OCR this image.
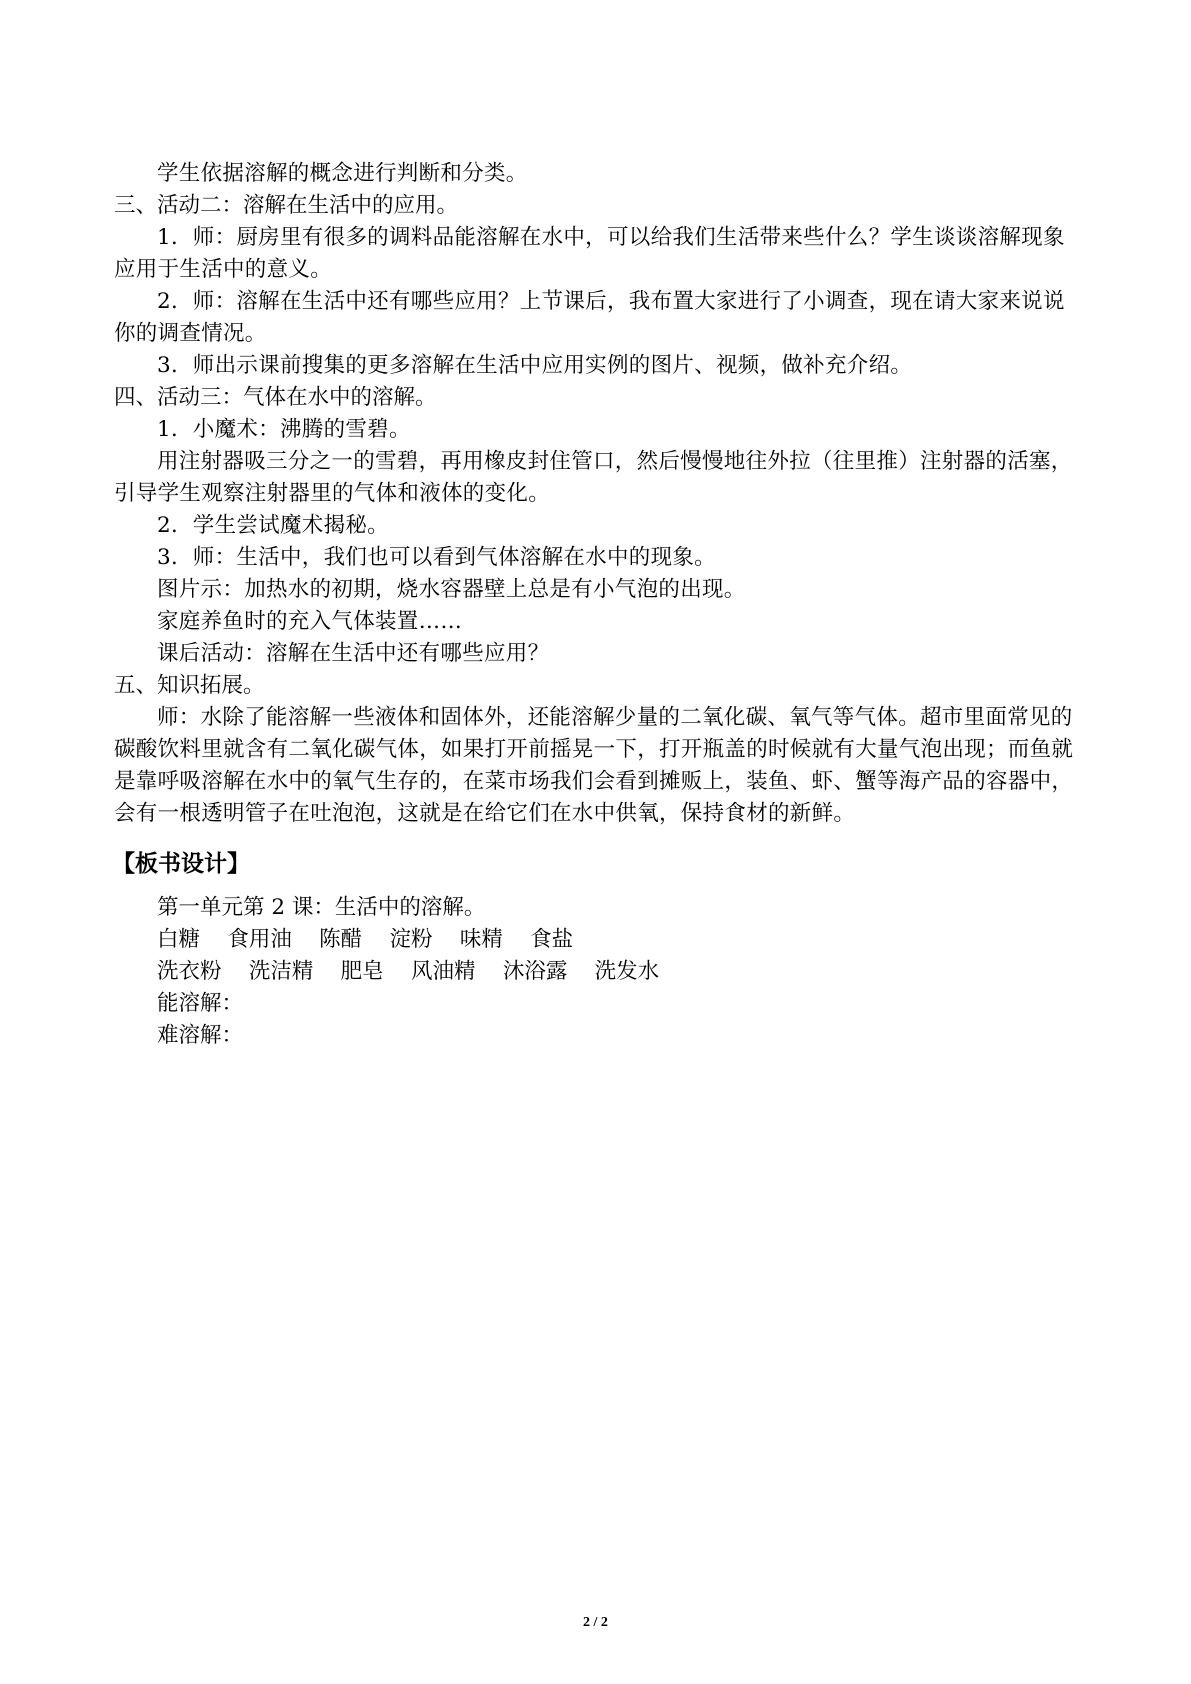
学生依据溶解的概念进行判断和分类。

三、活动二：溶解在生活中的应用。

1．师：厨房里有很多的调料品能溶解在水中，可以给我们生活带来些什么？学生谈谈溶解现象应用于生活中的意义。

2．师：溶解在生活中还有哪些应用？上节课后，我布置大家进行了小调查，现在请大家来说说你的调查情况。

3．师出示课前搜集的更多溶解在生活中应用实例的图片、视频，做补充介绍。

四、活动三：气体在水中的溶解。

1．小魔术：沸腾的雪碧。

用注射器吸三分之一的雪碧，再用橡皮封住管口，然后慢慢地往外拉（往里推）注射器的活塞，引导学生观察注射器里的气体和液体的变化。

2．学生尝试魔术揭秘。

3．师：生活中，我们也可以看到气体溶解在水中的现象。

图片示：加热水的初期，烧水容器壁上总是有小气泡的出现。

家庭养鱼时的充入气体装置……

课后活动：溶解在生活中还有哪些应用？

五、知识拓展。

师：水除了能溶解一些液体和固体外，还能溶解少量的二氧化碳、氧气等气体。超市里面常见的碳酸饮料里就含有二氧化碳气体，如果打开前摇晃一下，打开瓶盖的时候就有大量气泡出现；而鱼就是靠呼吸溶解在水中的氧气生存的，在菜市场我们会看到摊贩上，装鱼、虾、蟹等海产品的容器中，会有一根透明管子在吐泡泡，这就是在给它们在水中供氧，保持食材的新鲜。

【板书设计】

第一单元第 2 课：生活中的溶解。

白糖    食用油    陈醋    淀粉    味精    食盐

洗衣粉    洗洁精    肥皂    风油精    沐浴露    洗发水

能溶解：

难溶解：

2 / 2
